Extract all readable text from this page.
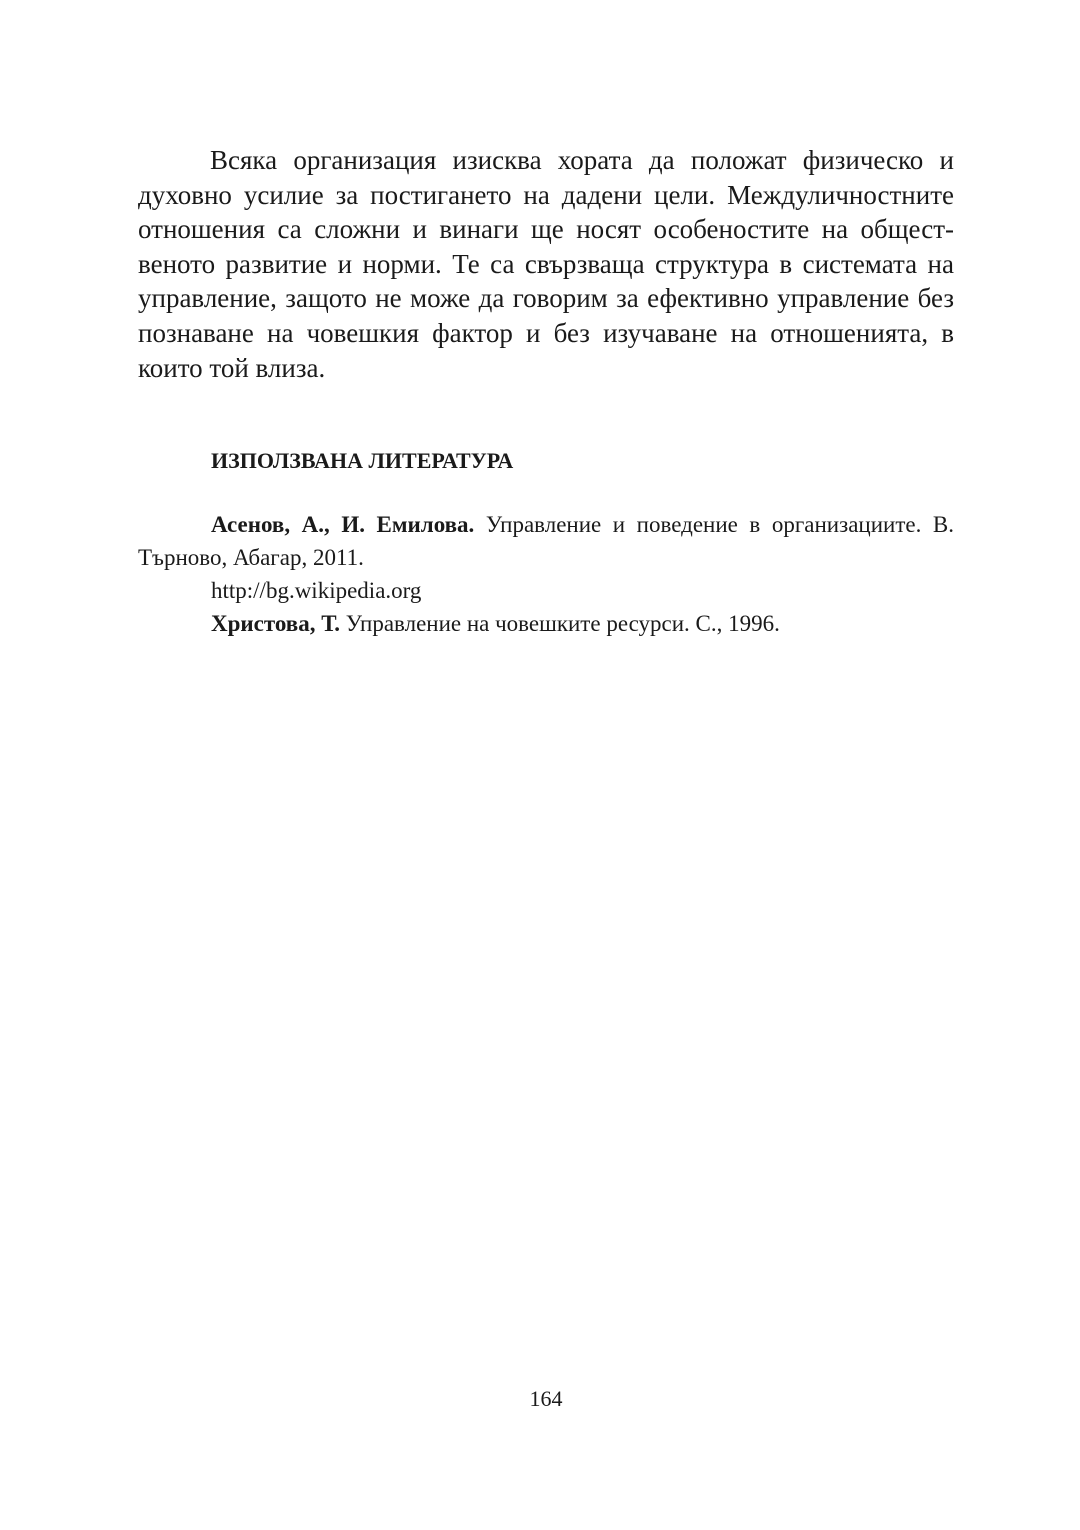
Всяка организация изисква хората да положат физическо и духовно усилие за постигането на дадени цели. Междуличностните отношения са сложни и винаги ще носят особеностите на общественото развитие и норми. Те са свързваща структура в системата на управление, защото не може да говорим за ефективно управление без познаване на човешкия фактор и без изучаване на отношенията, в които той влиза.

ИЗПОЛЗВАНА ЛИТЕРАТУРА

Асенов, А., И. Емилова. Управление и поведение в организациите. В. Търново, Абагар, 2011.

http://bg.wikipedia.org

Христова, Т. Управление на човешките ресурси. С., 1996.

164
